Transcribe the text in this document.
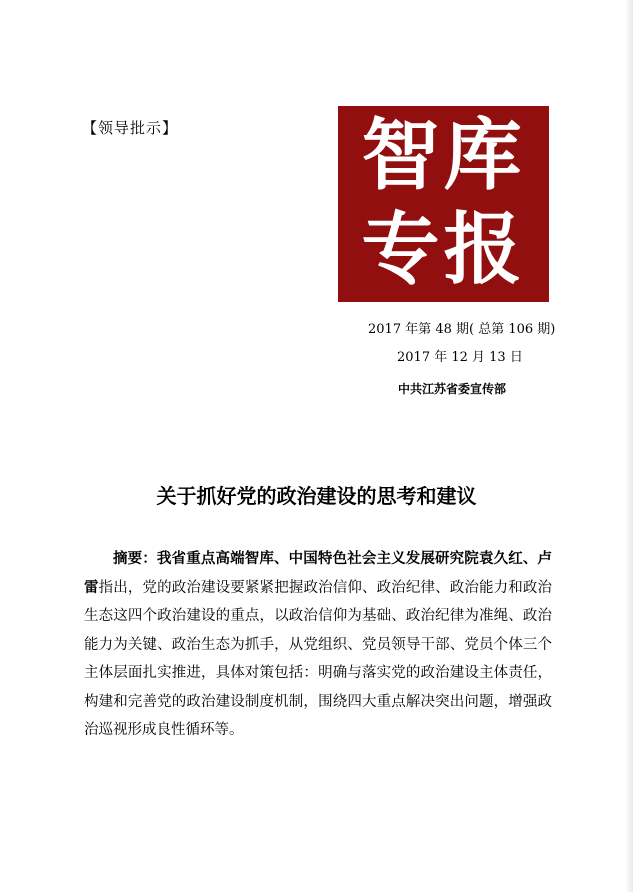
【领导批示】	智库
专报
2017 年第 48 期( 总第 106 期)
2017 年 12 月 13 日
中共江苏省委宣传部
关于抓好党的政治建设的思考和建议

摘要：我省重点高端智库、中国特色社会主义发展研究院袁久红、卢雷指出，党的政治建设要紧紧把握政治信仰、政治纪律、政治能力和政治生态这四个政治建设的重点，以政治信仰为基础、政治纪律为准绳、政治能力为关键、政治生态为抓手，从党组织、党员领导干部、党员个体三个主体层面扎实推进，具体对策包括：明确与落实党的政治建设主体责任，构建和完善党的政治建设制度机制，围绕四大重点解决突出问题，增强政治巡视形成良性循环等。
